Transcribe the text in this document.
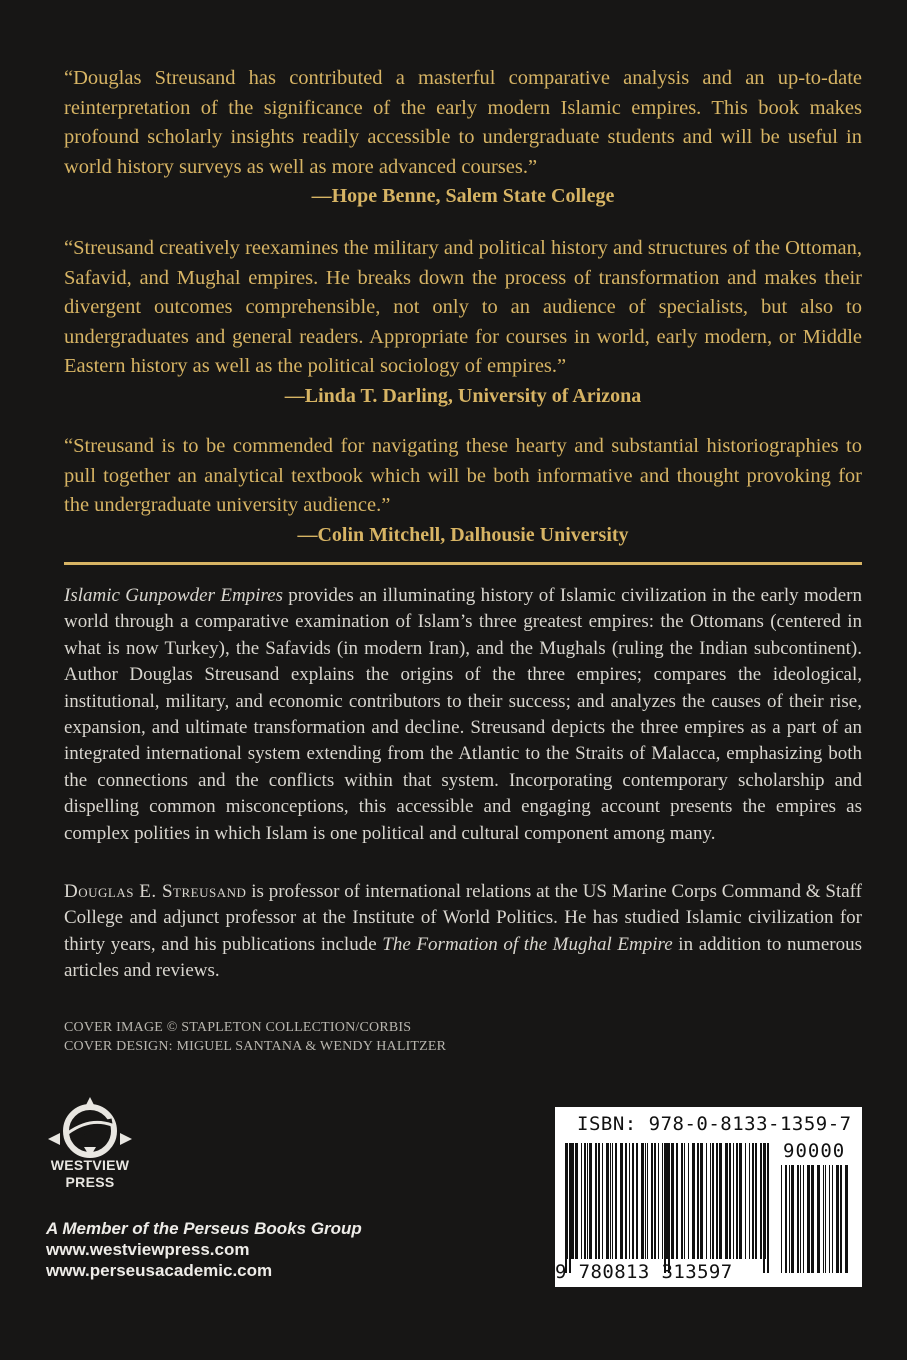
“Douglas Streusand has contributed a masterful comparative analysis and an up-to-date reinterpretation of the significance of the early modern Islamic empires. This book makes profound scholarly insights readily accessible to undergraduate students and will be useful in world history surveys as well as more advanced courses.”

—Hope Benne, Salem State College

“Streusand creatively reexamines the military and political history and structures of the Ottoman, Safavid, and Mughal empires. He breaks down the process of transformation and makes their divergent outcomes comprehensible, not only to an audience of specialists, but also to undergraduates and general readers. Appropriate for courses in world, early modern, or Middle Eastern history as well as the political sociology of empires.”

—Linda T. Darling, University of Arizona

“Streusand is to be commended for navigating these hearty and substantial historiographies to pull together an analytical textbook which will be both informative and thought provoking for the undergraduate university audience.”

—Colin Mitchell, Dalhousie University

Islamic Gunpowder Empires provides an illuminating history of Islamic civilization in the early modern world through a comparative examination of Islam’s three greatest empires: the Ottomans (centered in what is now Turkey), the Safavids (in modern Iran), and the Mughals (ruling the Indian subcontinent). Author Douglas Streusand explains the origins of the three empires; compares the ideological, institutional, military, and economic contributors to their success; and analyzes the causes of their rise, expansion, and ultimate transformation and decline. Streusand depicts the three empires as a part of an integrated international system extending from the Atlantic to the Straits of Malacca, emphasizing both the connections and the conflicts within that system. Incorporating contemporary scholarship and dispelling common misconceptions, this accessible and engaging account presents the empires as complex polities in which Islam is one political and cultural component among many.

Douglas E. Streusand is professor of international relations at the US Marine Corps Command & Staff College and adjunct professor at the Institute of World Politics. He has studied Islamic civilization for thirty years, and his publications include The Formation of the Mughal Empire in addition to numerous articles and reviews.

COVER IMAGE © STAPLETON COLLECTION/CORBIS
COVER DESIGN: MIGUEL SANTANA & WENDY HALITZER
WESTVIEW
PRESS
A Member of the Perseus Books Group
www.westviewpress.com
www.perseusacademic.com
ISBN: 978-0-8133-1359-7
90000
9 780813 313597
